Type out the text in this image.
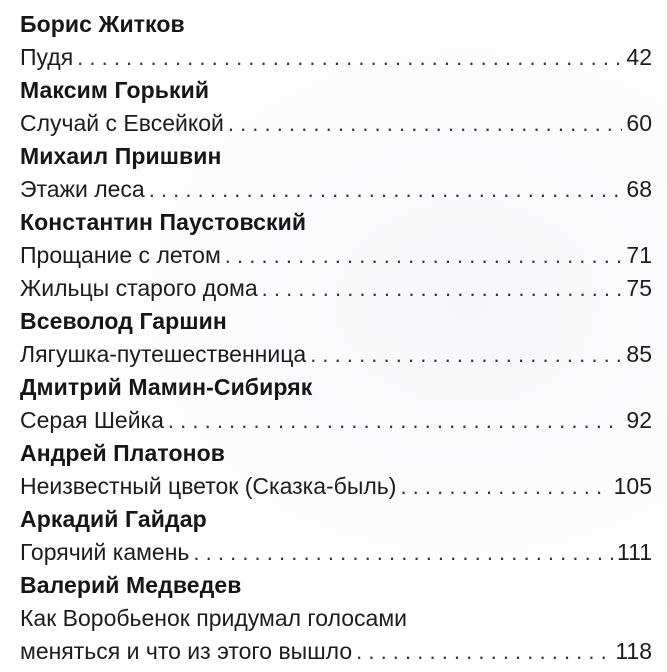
Борис Житков
Пудя . . .	42
Максим Горький
Случай с Евсейкой . . .	60
Михаил Пришвин
Этажи леса . . .	68
Константин Паустовский
Прощание с летом . . .	71
Жильцы старого дома . . .	75
Всеволод Гаршин
Лягушка-путешественница . . .	85
Дмитрий Мамин-Сибиряк
Серая Шейка . . .	92
Андрей Платонов
Неизвестный цветок (Сказка-быль) . . .	105
Аркадий Гайдар
Горячий камень . . .	111
Валерий Медведев
Как Воробьенок придумал голосами
меняться и что из этого вышло . . .	118
